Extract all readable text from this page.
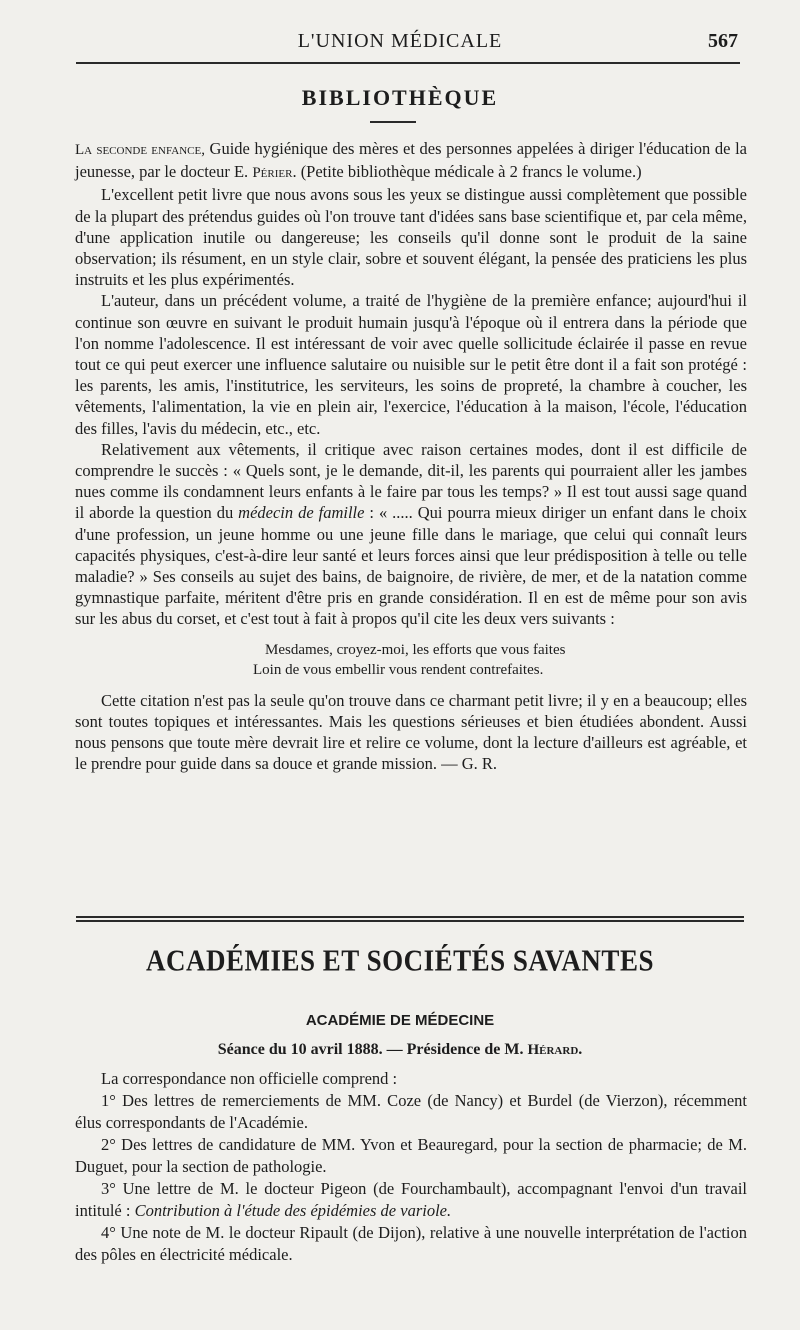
L'UNION MÉDICALE	567
BIBLIOTHÈQUE

La seconde enfance, Guide hygiénique des mères et des personnes appelées à diriger l'éducation de la jeunesse, par le docteur E. Périer. (Petite bibliothèque médicale à 2 francs le volume.)

L'excellent petit livre que nous avons sous les yeux se distingue aussi complètement que possible de la plupart des prétendus guides où l'on trouve tant d'idées sans base scientifique et, par cela même, d'une application inutile ou dangereuse; les conseils qu'il donne sont le produit de la saine observation; ils résument, en un style clair, sobre et souvent élégant, la pensée des praticiens les plus instruits et les plus expérimentés.

L'auteur, dans un précédent volume, a traité de l'hygiène de la première enfance; aujourd'hui il continue son œuvre en suivant le produit humain jusqu'à l'époque où il entrera dans la période que l'on nomme l'adolescence. Il est intéressant de voir avec quelle sollicitude éclairée il passe en revue tout ce qui peut exercer une influence salutaire ou nuisible sur le petit être dont il a fait son protégé : les parents, les amis, l'institutrice, les serviteurs, les soins de propreté, la chambre à coucher, les vêtements, l'alimentation, la vie en plein air, l'exercice, l'éducation à la maison, l'école, l'éducation des filles, l'avis du médecin, etc., etc.

Relativement aux vêtements, il critique avec raison certaines modes, dont il est difficile de comprendre le succès : « Quels sont, je le demande, dit-il, les parents qui pourraient aller les jambes nues comme ils condamnent leurs enfants à le faire par tous les temps? » Il est tout aussi sage quand il aborde la question du médecin de famille : « ..... Qui pourra mieux diriger un enfant dans le choix d'une profession, un jeune homme ou une jeune fille dans le mariage, que celui qui connaît leurs capacités physiques, c'est-à-dire leur santé et leurs forces ainsi que leur prédisposition à telle ou telle maladie? » Ses conseils au sujet des bains, de baignoire, de rivière, de mer, et de la natation comme gymnastique parfaite, méritent d'être pris en grande considération. Il en est de même pour son avis sur les abus du corset, et c'est tout à fait à propos qu'il cite les deux vers suivants :

Mesdames, croyez-moi, les efforts que vous faites
Loin de vous embellir vous rendent contrefaites.

Cette citation n'est pas la seule qu'on trouve dans ce charmant petit livre; il y en a beaucoup; elles sont toutes topiques et intéressantes. Mais les questions sérieuses et bien étudiées abondent. Aussi nous pensons que toute mère devrait lire et relire ce volume, dont la lecture d'ailleurs est agréable, et le prendre pour guide dans sa douce et grande mission. — G. R.

ACADÉMIES ET SOCIÉTÉS SAVANTES
ACADÉMIE DE MÉDECINE
Séance du 10 avril 1888. — Présidence de M. Hérard.

La correspondance non officielle comprend :

1° Des lettres de remerciements de MM. Coze (de Nancy) et Burdel (de Vierzon), récemment élus correspondants de l'Académie.

2° Des lettres de candidature de MM. Yvon et Beauregard, pour la section de pharmacie; de M. Duguet, pour la section de pathologie.

3° Une lettre de M. le docteur Pigeon (de Fourchambault), accompagnant l'envoi d'un travail intitulé : Contribution à l'étude des épidémies de variole.

4° Une note de M. le docteur Ripault (de Dijon), relative à une nouvelle interprétation de l'action des pôles en électricité médicale.
